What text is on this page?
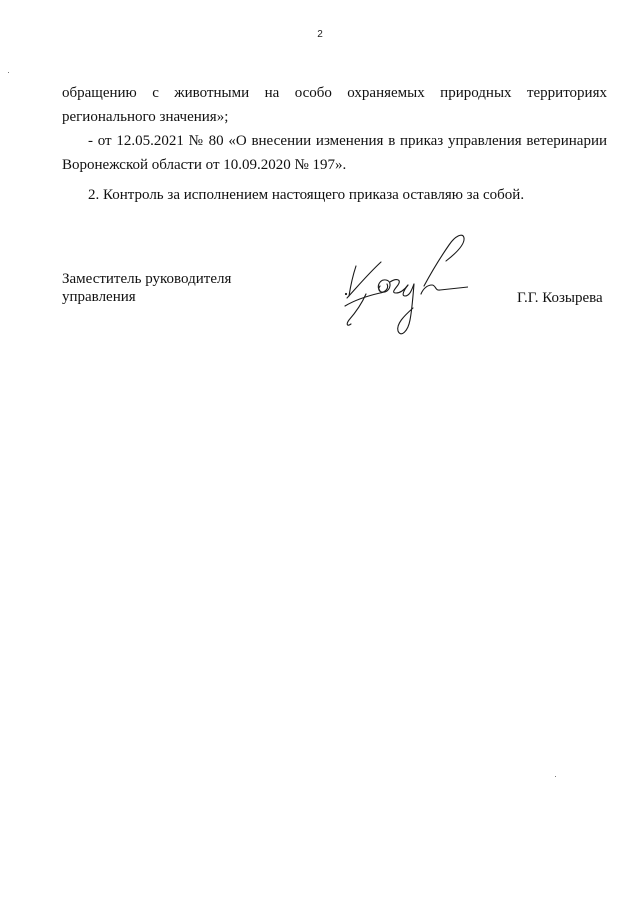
2
обращению с животными на особо охраняемых природных территориях
регионального значения»;
- от 12.05.2021 № 80 «О внесении изменения в приказ управления ветеринарии
Воронежской области от 10.09.2020 № 197».
2. Контроль за исполнением настоящего приказа оставляю за собой.
Заместитель руководителя
управления	Г.Г. Козырева
